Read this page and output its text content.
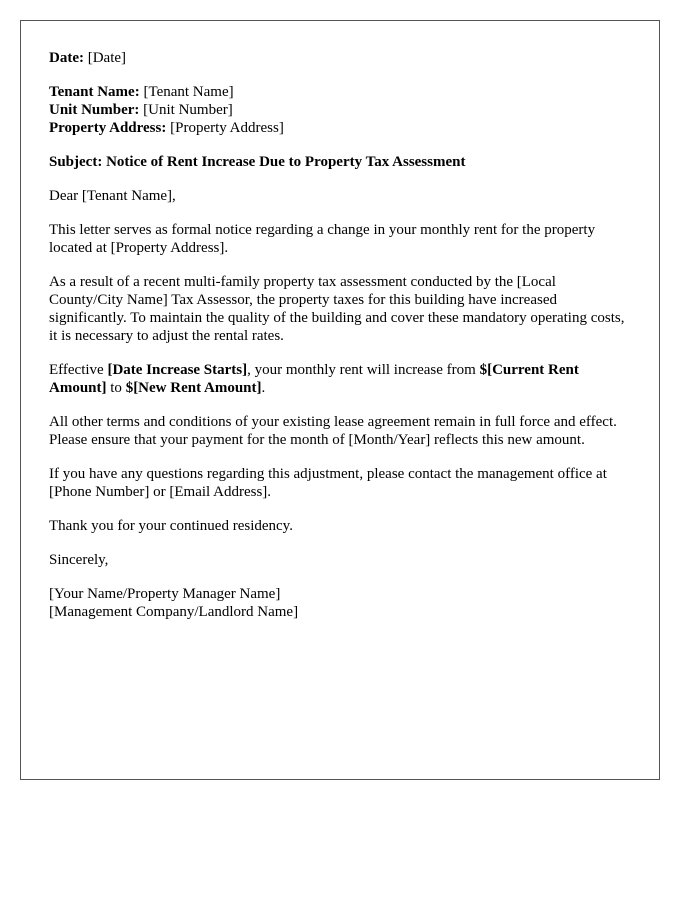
Date: [Date]
Tenant Name: [Tenant Name]
Unit Number: [Unit Number]
Property Address: [Property Address]
Subject: Notice of Rent Increase Due to Property Tax Assessment

Dear [Tenant Name],

This letter serves as formal notice regarding a change in your monthly rent for the property located at [Property Address].

As a result of a recent multi-family property tax assessment conducted by the [Local County/City Name] Tax Assessor, the property taxes for this building have increased significantly. To maintain the quality of the building and cover these mandatory operating costs, it is necessary to adjust the rental rates.

Effective [Date Increase Starts], your monthly rent will increase from $[Current Rent Amount] to $[New Rent Amount].

All other terms and conditions of your existing lease agreement remain in full force and effect. Please ensure that your payment for the month of [Month/Year] reflects this new amount.

If you have any questions regarding this adjustment, please contact the management office at [Phone Number] or [Email Address].

Thank you for your continued residency.

Sincerely,

[Your Name/Property Manager Name]
[Management Company/Landlord Name]
